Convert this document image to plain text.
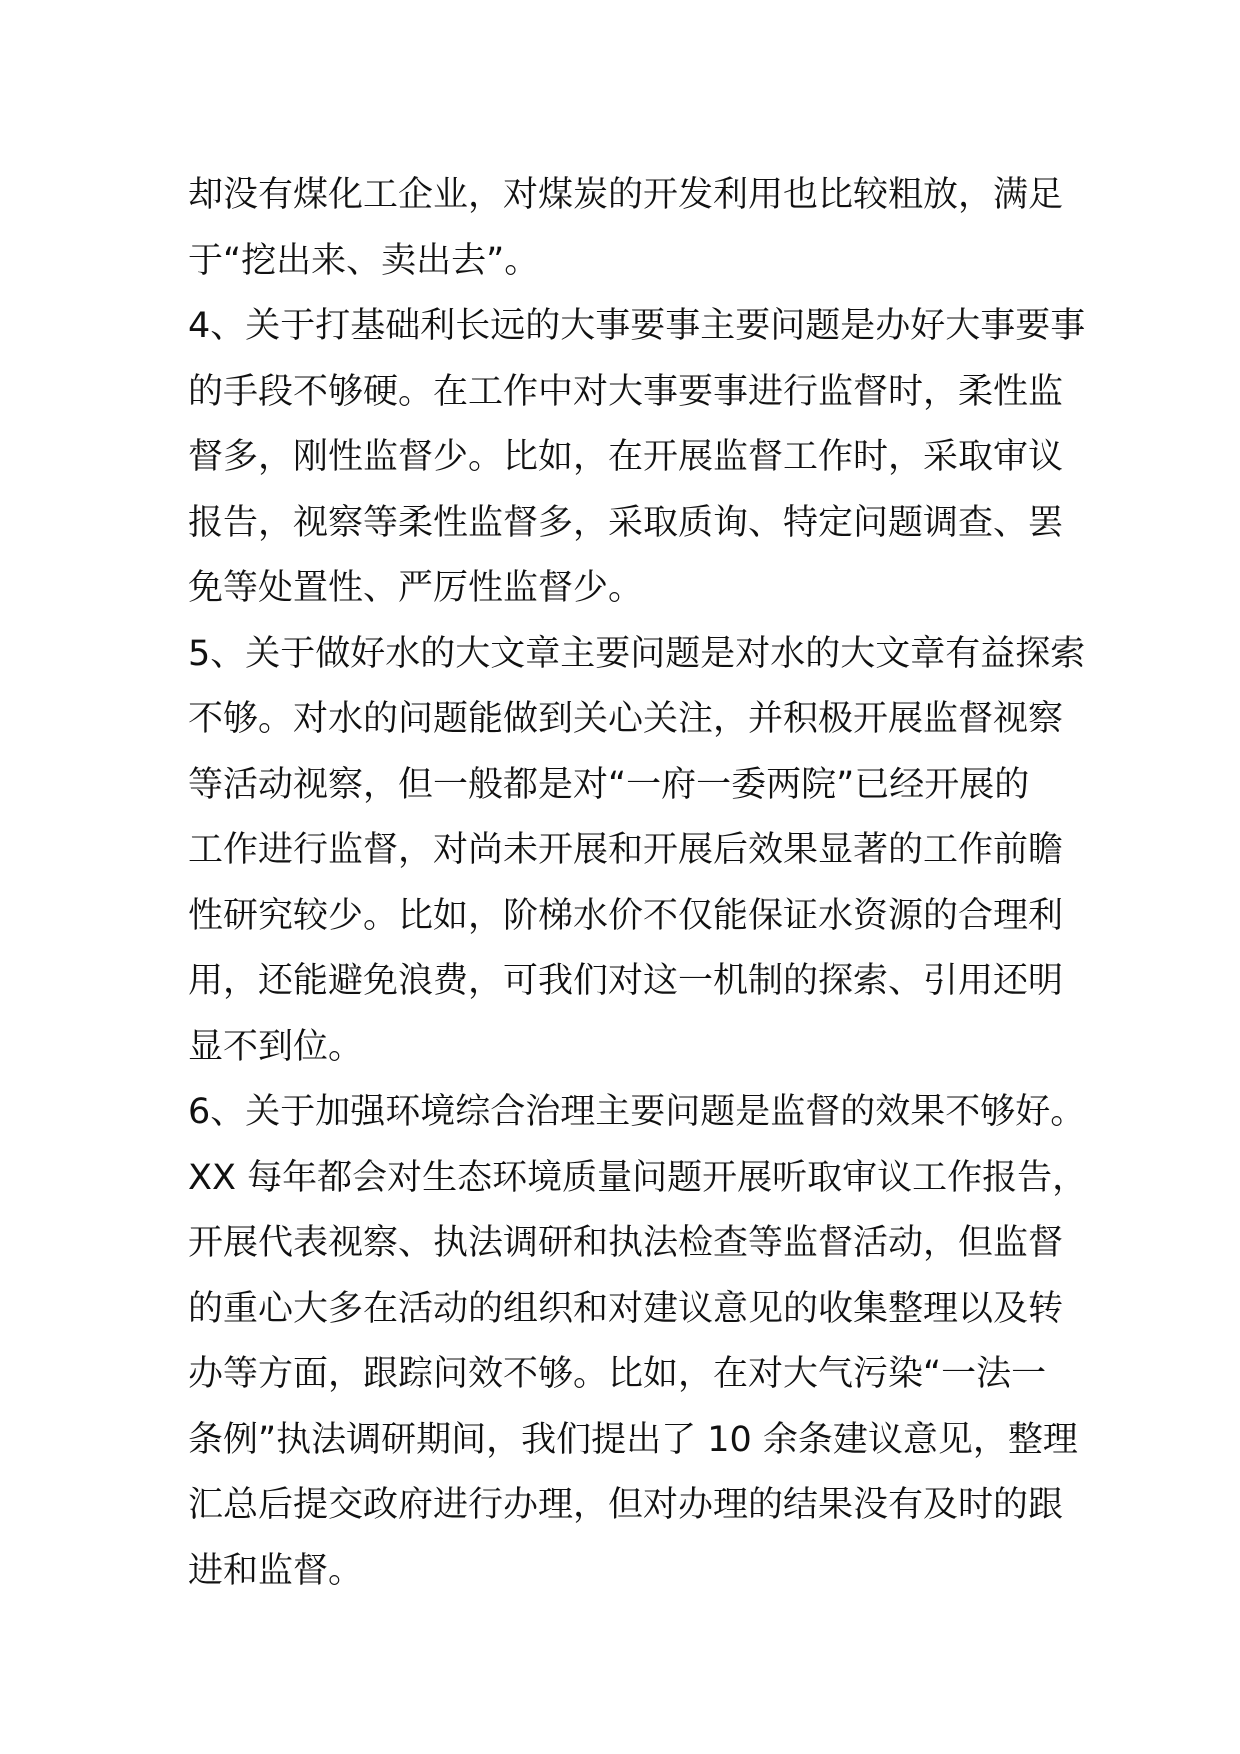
却没有煤化工企业，对煤炭的开发利用也比较粗放，满足
于“挖出来、卖出去”。
4、关于打基础利长远的大事要事主要问题是办好大事要事
的手段不够硬。在工作中对大事要事进行监督时，柔性监
督多，刚性监督少。比如，在开展监督工作时，采取审议
报告，视察等柔性监督多，采取质询、特定问题调查、罢
免等处置性、严厉性监督少。
5、关于做好水的大文章主要问题是对水的大文章有益探索
不够。对水的问题能做到关心关注，并积极开展监督视察
等活动视察，但一般都是对“一府一委两院”已经开展的
工作进行监督，对尚未开展和开展后效果显著的工作前瞻
性研究较少。比如，阶梯水价不仅能保证水资源的合理利
用，还能避免浪费，可我们对这一机制的探索、引用还明
显不到位。
6、关于加强环境综合治理主要问题是监督的效果不够好。
XX 每年都会对生态环境质量问题开展听取审议工作报告，
开展代表视察、执法调研和执法检查等监督活动，但监督
的重心大多在活动的组织和对建议意见的收集整理以及转
办等方面，跟踪问效不够。比如，在对大气污染“一法一
条例”执法调研期间，我们提出了 10 余条建议意见，整理
汇总后提交政府进行办理，但对办理的结果没有及时的跟
进和监督。
